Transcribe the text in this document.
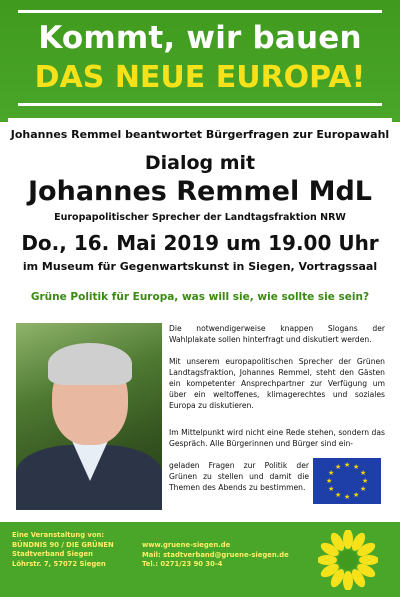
Kommt, wir bauen
DAS NEUE EUROPA!
Johannes Remmel beantwortet Bürgerfragen zur Europawahl
Dialog mit
Johannes Remmel MdL
Europapolitischer Sprecher der Landtagsfraktion NRW
Do., 16. Mai 2019 um 19.00 Uhr
im Museum für Gegenwartskunst in Siegen, Vortragssaal
Grüne Politik für Europa, was will sie, wie sollte sie sein?
Die notwendigerweise knappen Slogans der Wahlplakate sollen hinterfragt und diskutiert werden.
Mit unserem europapolitischen Sprecher der Grünen Landtagsfraktion, Johannes Remmel, steht den Gästen ein kompetenter Ansprechpartner zur Verfügung um über ein weltoffenes, klimagerechtes und soziales Europa zu diskutieren.
Im Mittelpunkt wird nicht eine Rede stehen, sondern das Gespräch. Alle Bürgerinnen und Bürger sind ein-
geladen Fragen zur Politik der Grünen zu stellen und damit die Themen des Abends zu bestimmen.
★ ★
★
★
★
★
★
★
★
★
★
★
Eine Veranstaltung von:
BÜNDNIS 90 / DIE GRÜNEN
Stadtverband Siegen
Löhrstr. 7, 57072 Siegen
www.gruene-siegen.de
Mail: stadtverband@gruene-siegen.de
Tel.: 0271/23 90 30-4
